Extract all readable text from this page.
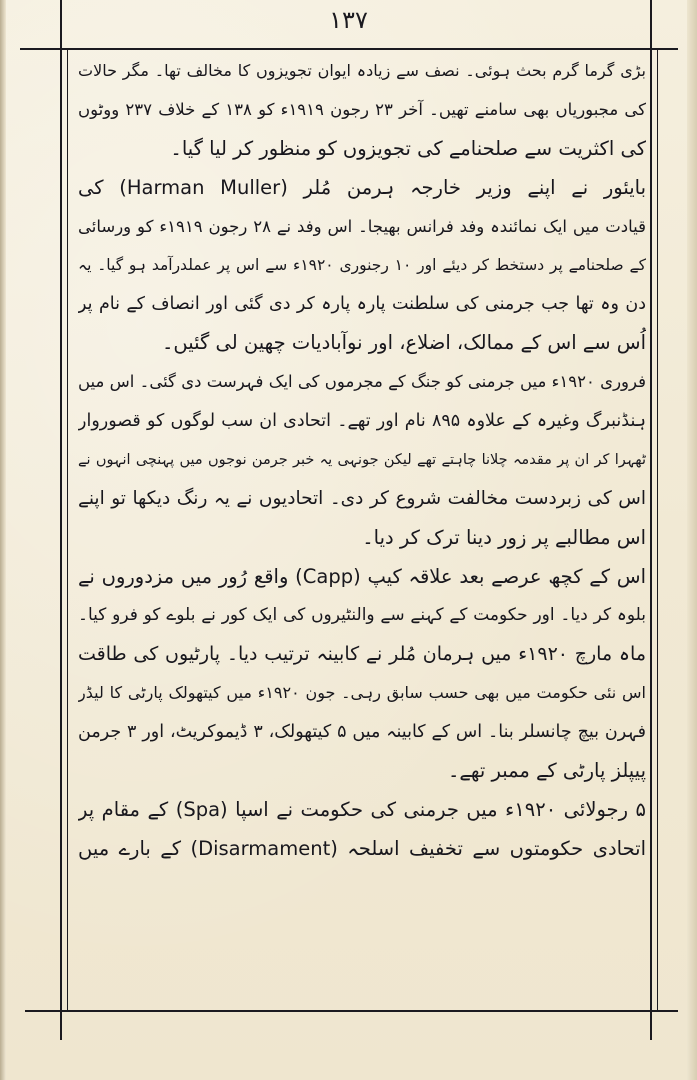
۱۳۷
بڑی گرما گرم بحث ہوئی۔ نصف سے زیادہ ایوان تجویزوں کا مخالف تھا۔ مگر حالات
کی مجبوریاں بھی سامنے تھیں۔ آخر ۲۳ رجون ۱۹۱۹ء کو ۱۳۸ کے خلاف ۲۳۷ ووٹوں
کی اکثریت سے صلحنامے کی تجویزوں کو منظور کر لیا گیا۔
بایئور نے اپنے وزیر خارجہ ہرمن مُلر (Harman Muller) کی
قیادت میں ایک نمائندہ وفد فرانس بھیجا۔ اس وفد نے ۲۸ رجون ۱۹۱۹ء کو ورسائی
کے صلحنامے پر دستخط کر دیئے اور ۱۰ رجنوری ۱۹۲۰ء سے اس پر عملدرآمد ہو گیا۔ یہ
دن وہ تھا جب جرمنی کی سلطنت پارہ پارہ کر دی گئی اور انصاف کے نام پر
اُس سے اس کے ممالک، اضلاع، اور نوآبادیات چھین لی گئیں۔
فروری ۱۹۲۰ء میں جرمنی کو جنگ کے مجرموں کی ایک فہرست دی گئی۔ اس میں
ہنڈنبرگ وغیرہ کے علاوہ ۸۹۵ نام اور تھے۔ اتحادی ان سب لوگوں کو قصوروار
ٹھہرا کر ان پر مقدمہ چلانا چاہتے تھے لیکن جونہی یہ خبر جرمن نوجوں میں پہنچی انہوں نے
اس کی زبردست مخالفت شروع کر دی۔ اتحادیوں نے یہ رنگ دیکھا تو اپنے
اس مطالبے پر زور دینا ترک کر دیا۔
اس کے کچھ عرصے بعد علاقہ کیپ (Capp) واقع رُور میں مزدوروں نے
بلوہ کر دیا۔ اور حکومت کے کہنے سے والنٹیروں کی ایک کور نے بلوے کو فرو کیا۔
ماہ مارچ ۱۹۲۰ء میں ہرمان مُلر نے کابینہ ترتیب دیا۔ پارٹیوں کی طاقت
اس نئی حکومت میں بھی حسب سابق رہی۔ جون ۱۹۲۰ء میں کیتھولک پارٹی کا لیڈر
فہرن بیچ چانسلر بنا۔ اس کے کابینہ میں ۵ کیتھولک، ۳ ڈیموکریٹ، اور ۳ جرمن
پیپلز پارٹی کے ممبر تھے۔
۵ رجولائی ۱۹۲۰ء میں جرمنی کی حکومت نے اسپا (Spa) کے مقام پر
اتحادی حکومتوں سے تخفیف اسلحہ (Disarmament) کے بارے میں
